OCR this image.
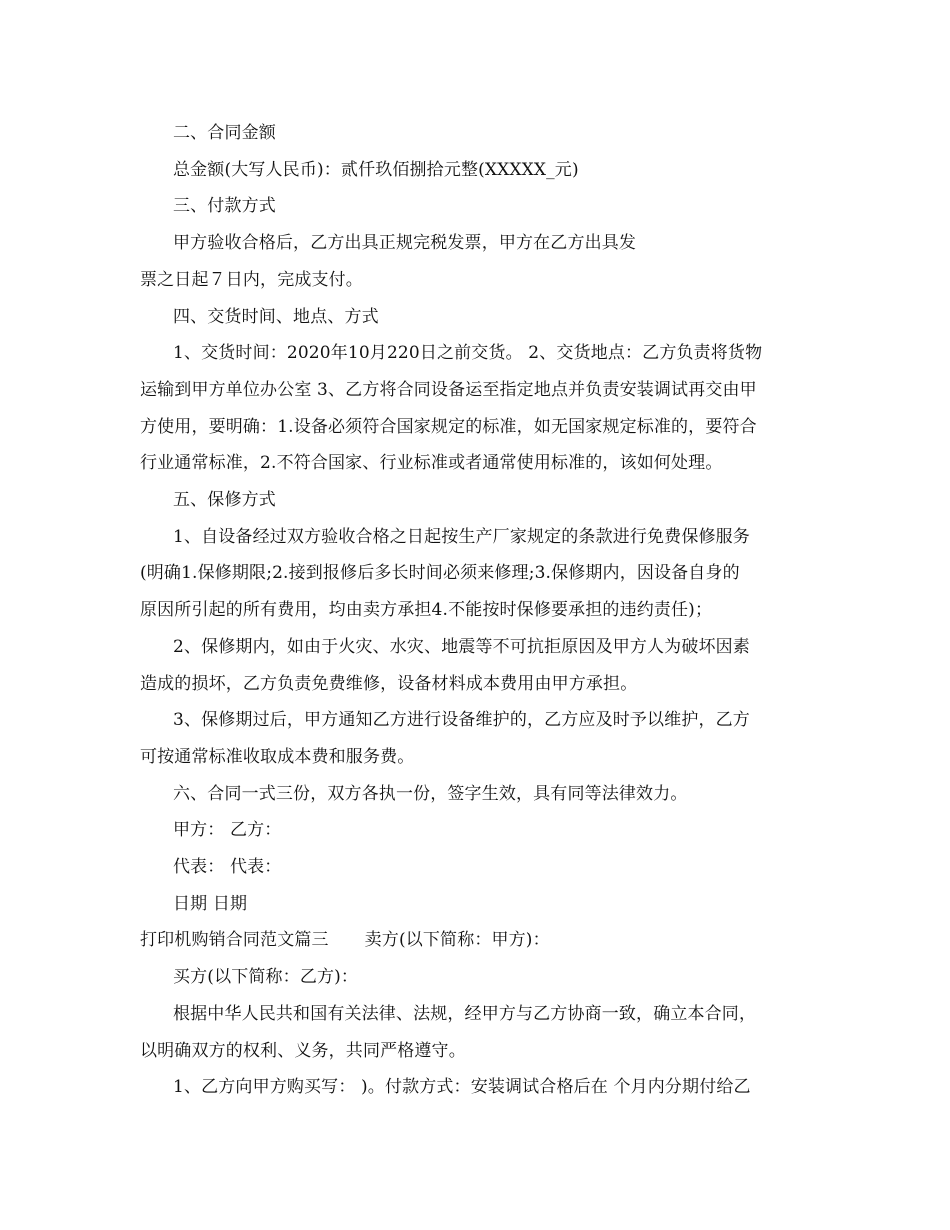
二、合同金额

总金额(大写人民币)：贰仟玖佰捌拾元整(XXXXX_元)

三、付款方式

甲方验收合格后，乙方出具正规完税发票，甲方在乙方出具发

票之日起７日内，完成支付。

四、交货时间、地点、方式

1、交货时间：2020年10月220日之前交货。 2、交货地点：乙方负责将货物

运输到甲方单位办公室 3、乙方将合同设备运至指定地点并负责安装调试再交由甲

方使用，要明确：1.设备必须符合国家规定的标准，如无国家规定标准的，要符合

行业通常标准，2.不符合国家、行业标准或者通常使用标准的，该如何处理。

五、保修方式

1、自设备经过双方验收合格之日起按生产厂家规定的条款进行免费保修服务

(明确1.保修期限;2.接到报修后多长时间必须来修理;3.保修期内，因设备自身的

原因所引起的所有费用，均由卖方承担4.不能按时保修要承担的违约责任)；

2、保修期内，如由于火灾、水灾、地震等不可抗拒原因及甲方人为破坏因素

造成的损坏，乙方负责免费维修，设备材料成本费用由甲方承担。

3、保修期过后，甲方通知乙方进行设备维护的，乙方应及时予以维护，乙方

可按通常标准收取成本费和服务费。

六、合同一式三份，双方各执一份，签字生效，具有同等法律效力。

甲方： 乙方：

代表： 代表：

日期 日期

打印机购销合同范文篇三 卖方(以下简称：甲方)：

买方(以下简称：乙方)：

根据中华人民共和国有关法律、法规，经甲方与乙方协商一致，确立本合同，

以明确双方的权利、义务，共同严格遵守。

1、乙方向甲方购买写： )。付款方式：安装调试合格后在 个月内分期付给乙
